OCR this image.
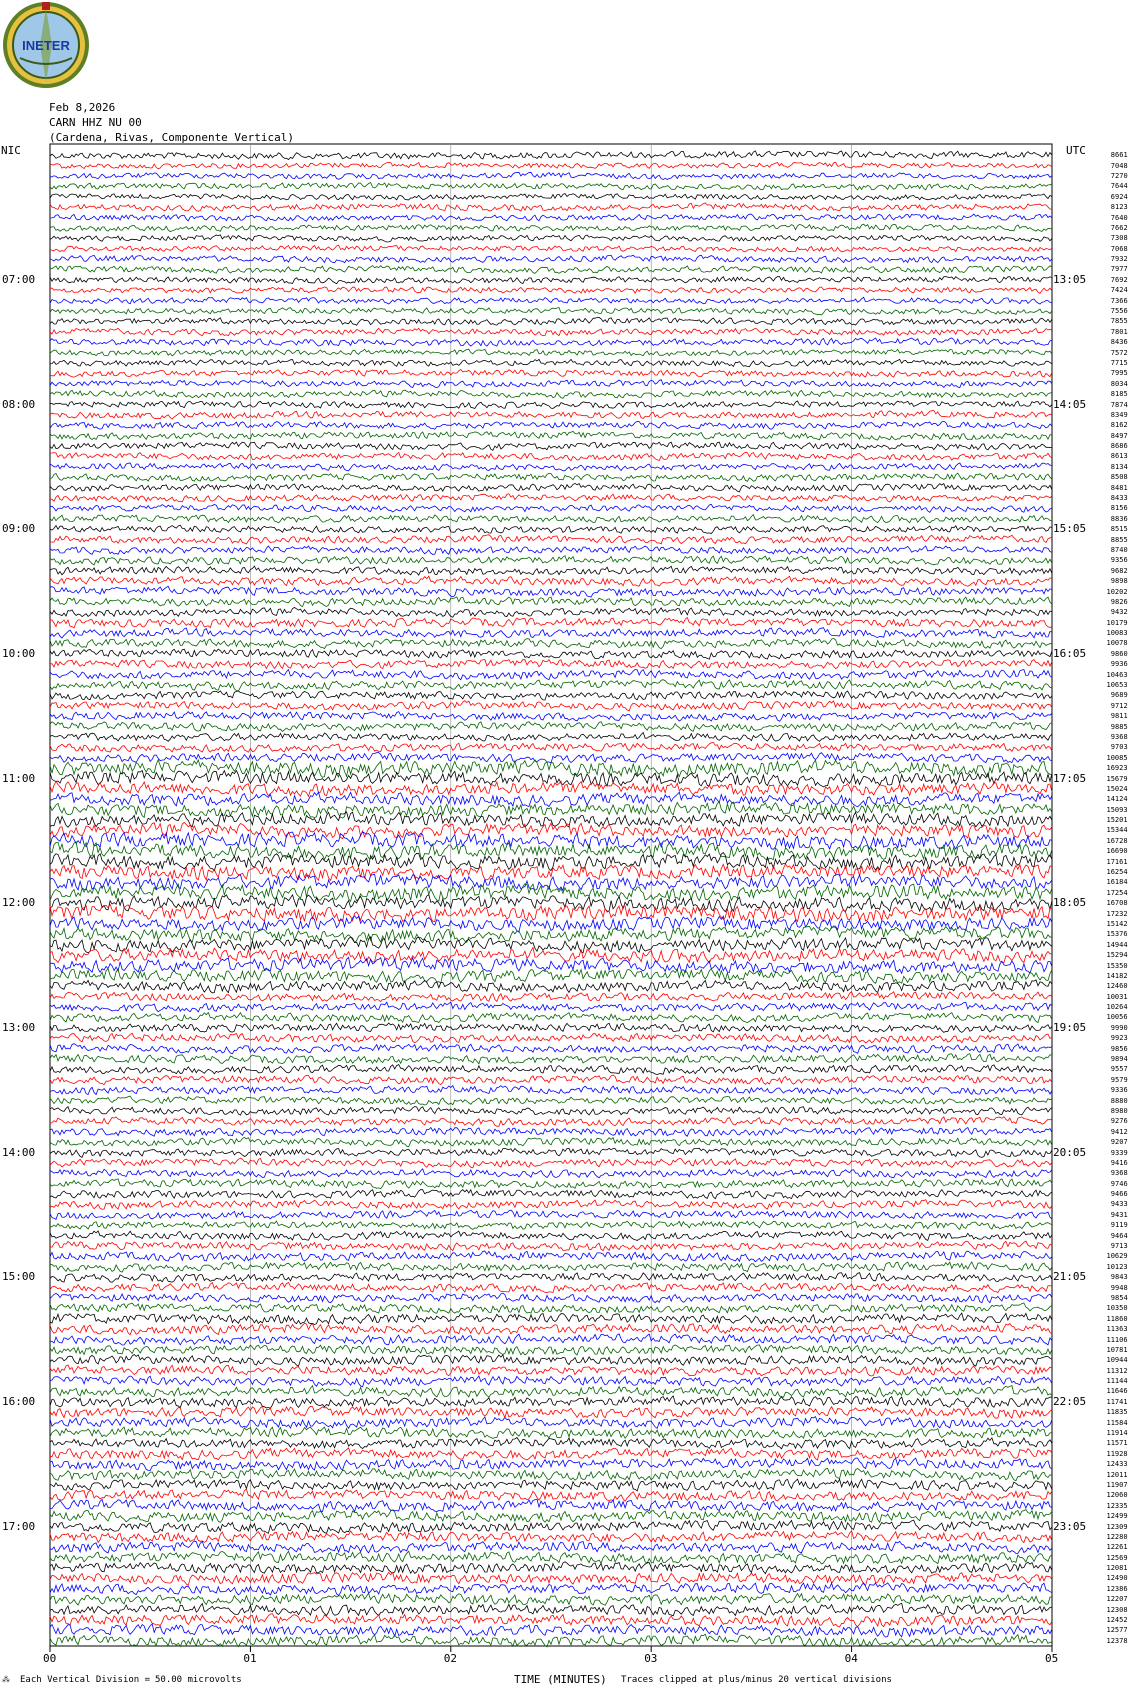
INETER
Feb 8,2026
CARN HHZ NU 00
(Cardena, Rivas, Componente Vertical)
NIC	UTC
00	01	02	03	04	05
07:00
08:00
09:00
10:00
11:00
12:00
13:00
14:00
15:00
16:00
17:00
13:05
14:05
15:05
16:05
17:05
18:05
19:05
20:05
21:05
22:05
23:05
8661
7048
7270
7644
6924
8123
7640
7662
7308
7068
7932
7977
7692
7424
7366
7556
7855
7801
8436
7572
7715
7995
8034
8185
7874
8349
8162
8497
8686
8613
8134
8508
8481
8433
8156
8836
8515
8855
8740
9356
9682
9898
10202
9826
9432
10179
10083
10078
9860
9936
10463
10653
9689
9712
9811
9885
9368
9703
10085
16923
15679
15024
14124
15093
15201
15344
16728
16690
17161
16254
16184
17254
16708
17232
15142
15376
14944
15294
15350
14182
12460
10031
10264
10056
9990
9923
9856
9894
9557
9579
9336
8880
8980
9276
9412
9207
9339
9416
9368
9746
9466
9433
9431
9119
9464
9713
10629
10123
9843
9948
9854
10350
11860
11363
11106
10781
10944
11312
11144
11646
11741
11835
11584
11914
11571
11928
12433
12011
11907
12060
12335
12499
12309
12280
12261
12569
12081
12490
12386
12207
12308
12452
12577
12378
⁂ Each Vertical Division = 50.00 microvolts	TIME (MINUTES) Traces clipped at plus/minus 20 vertical divisions
